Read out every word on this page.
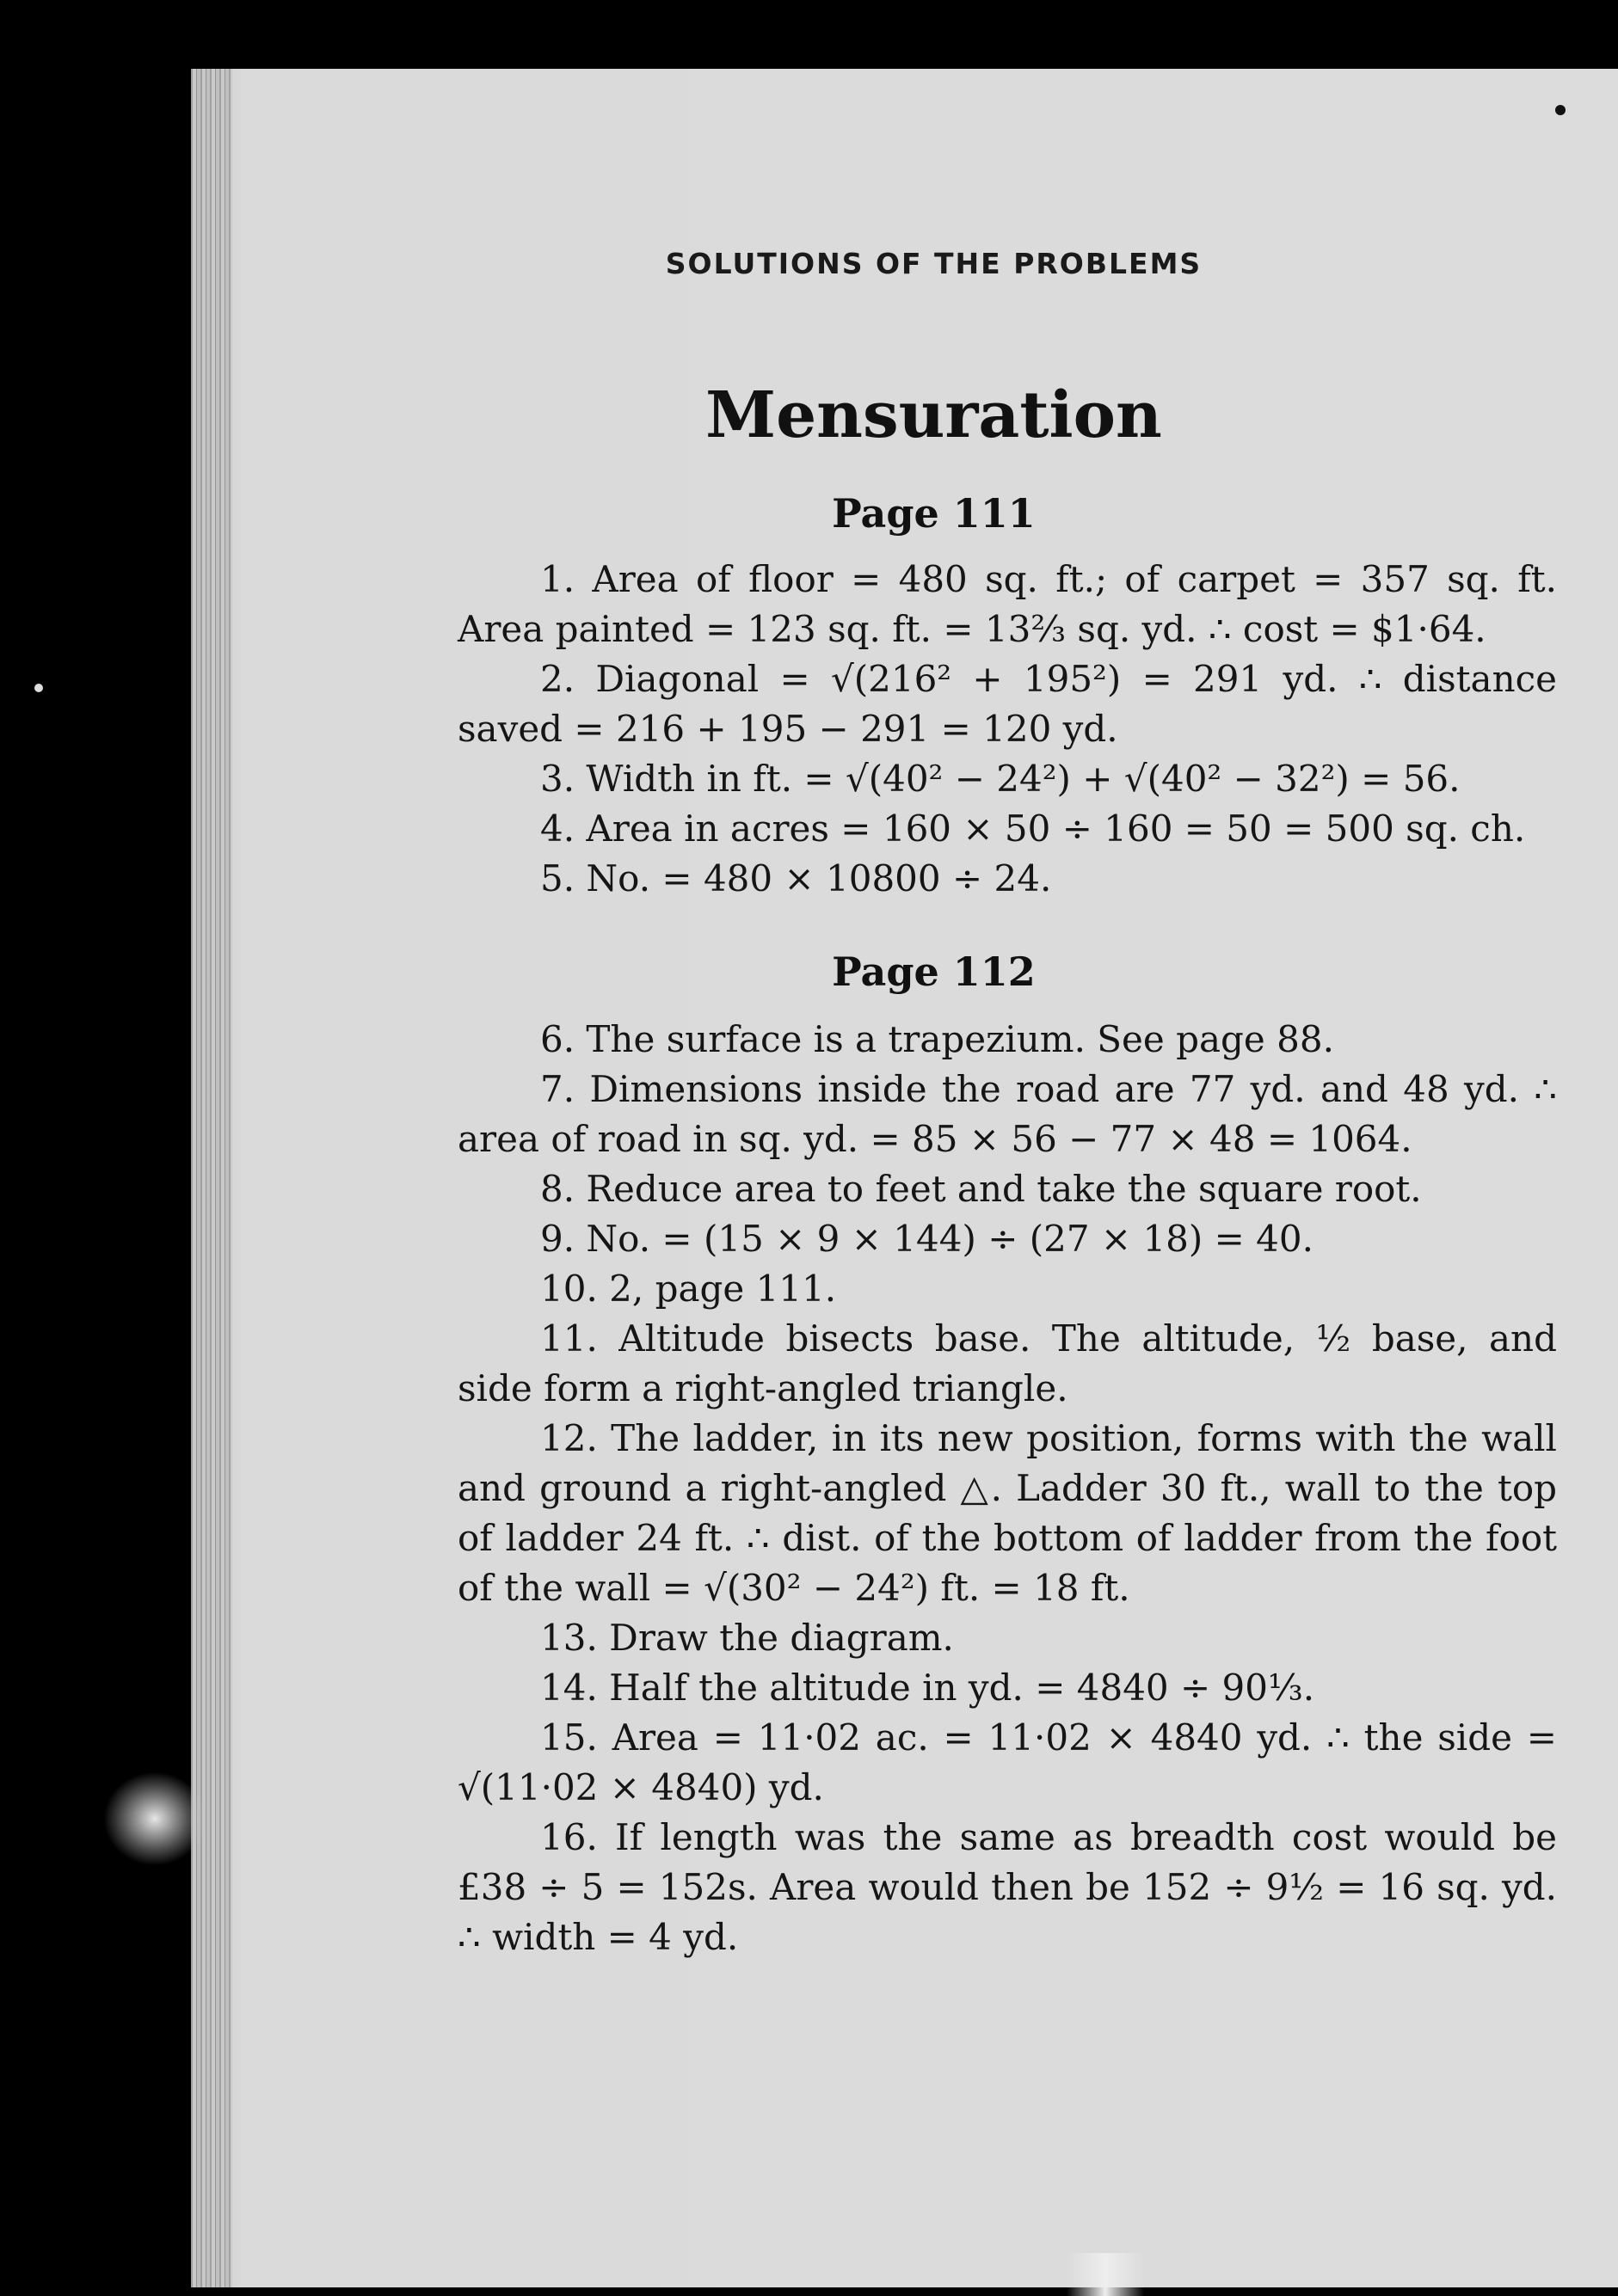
SOLUTIONS OF THE PROBLEMS
Mensuration
Page 111

1. Area of floor = 480 sq. ft.; of carpet = 357 sq. ft. Area painted = 123 sq. ft. = 13⅔ sq. yd. ∴ cost = $1·64.

2. Diagonal = √(216² + 195²) = 291 yd. ∴ distance saved = 216 + 195 − 291 = 120 yd.

3. Width in ft. = √(40² − 24²) + √(40² − 32²) = 56.

4. Area in acres = 160 × 50 ÷ 160 = 50 = 500 sq. ch.

5. No. = 480 × 10800 ÷ 24.

Page 112

6. The surface is a trapezium. See page 88.

7. Dimensions inside the road are 77 yd. and 48 yd. ∴ area of road in sq. yd. = 85 × 56 − 77 × 48 = 1064.

8. Reduce area to feet and take the square root.

9. No. = (15 × 9 × 144) ÷ (27 × 18) = 40.

10. 2, page 111.

11. Altitude bisects base. The altitude, ½ base, and side form a right-angled triangle.

12. The ladder, in its new position, forms with the wall and ground a right-angled △. Ladder 30 ft., wall to the top of ladder 24 ft. ∴ dist. of the bottom of ladder from the foot of the wall = √(30² − 24²) ft. = 18 ft.

13. Draw the diagram.

14. Half the altitude in yd. = 4840 ÷ 90⅓.

15. Area = 11·02 ac. = 11·02 × 4840 yd. ∴ the side = √(11·02 × 4840) yd.

16. If length was the same as breadth cost would be £38 ÷ 5 = 152s. Area would then be 152 ÷ 9½ = 16 sq. yd. ∴ width = 4 yd.
